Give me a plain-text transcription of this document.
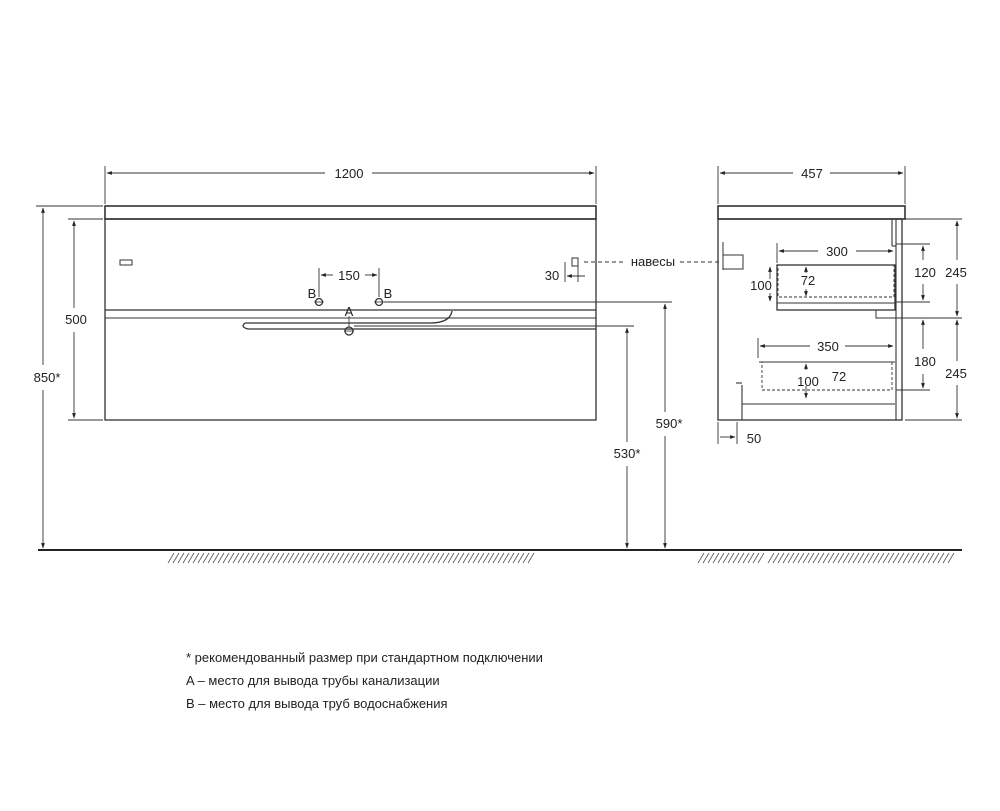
1200
850*
500
150
B	B
A
30
навесы
590*
530*
457
300
350
120
180
245
245
100 72
100 72
50
* рекомендованный размер при стандартном подключении
A – место для вывода трубы канализации
B – место для вывода труб водоснабжения
